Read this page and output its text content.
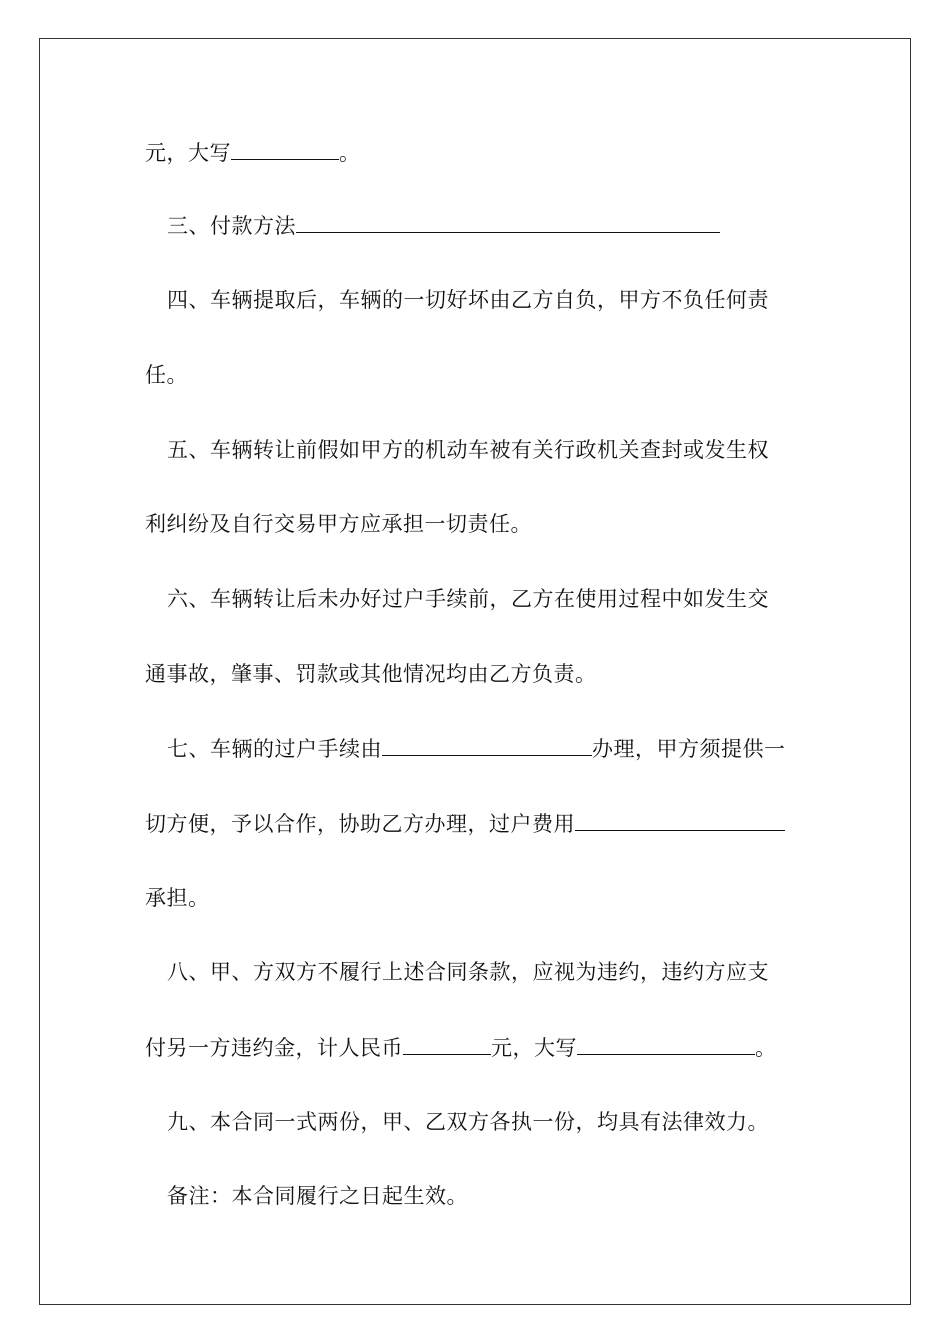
元，大写	。
三、付款方法
四、车辆提取后，车辆的一切好坏由乙方自负，甲方不负任何责
任。
五、车辆转让前假如甲方的机动车被有关行政机关查封或发生权
利纠纷及自行交易甲方应承担一切责任。
六、车辆转让后未办好过户手续前，乙方在使用过程中如发生交
通事故，肇事、罚款或其他情况均由乙方负责。
七、车辆的过户手续由	办理，甲方须提供一
切方便，予以合作，协助乙方办理，过户费用
承担。
八、甲、方双方不履行上述合同条款，应视为违约，违约方应支
付另一方违约金，计人民币	元，大写	。
九、本合同一式两份，甲、乙双方各执一份，均具有法律效力。
备注：本合同履行之日起生效。
